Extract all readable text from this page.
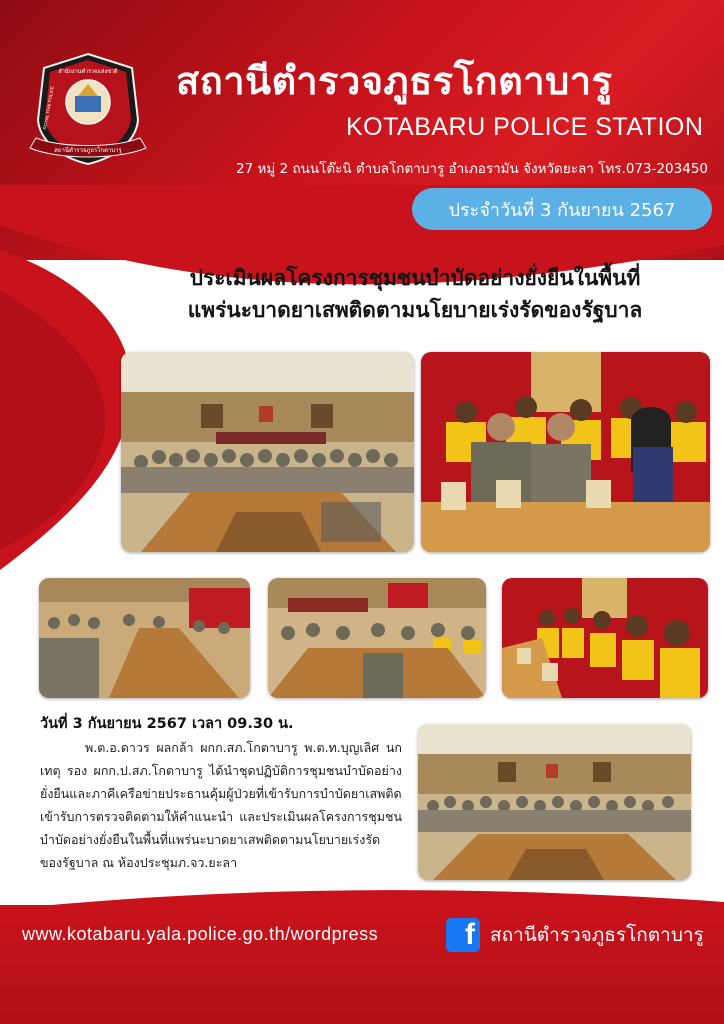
สำนักงานตำรวจแห่งชาติ
ROYAL THAI POLICE
สถานีตำรวจภูธรโกตาบารู
สถานีตำรวจภูธรโกตาบารู
KOTABARU POLICE STATION
27 หมู่ 2 ถนนโต๊ะนิ ตำบลโกตาบารู อำเภอรามัน จังหวัดยะลา โทร.073-203450
ประจำวันที่ 3 กันยายน 2567
ประเมินผลโครงการชุมชนบำบัดอย่างยั่งยืนในพื้นที่
แพร่นะบาดยาเสพติดตามนโยบายเร่งรัดของรัฐบาล
วันที่ 3 กันยายน 2567 เวลา 09.30 น.

พ.ต.อ.ดาวร ผลกล้า ผกก.สภ.โกตาบารู พ.ต.ท.บุญเลิศ นกเทตุ รอง ผกก.ป.สภ.โกตาบารู ได้นำชุดปฏิบัติการชุมชนบำบัดอย่างยั่งยืนและภาคีเครือข่ายประธานคุ้มผู้ป่วยที่เข้ารับการบำบัดยาเสพติดเข้ารับการตรวจติดตามให้คำแนะนำ และประเมินผลโครงการชุมชนบำบัดอย่างยั่งยืนในพื้นที่แพร่นะบาดยาเสพติดตามนโยบายเร่งรัดของรัฐบาล ณ ห้องประชุมภ.จว.ยะลา

www.kotabaru.yala.police.go.th/wordpress	f สถานีตำรวจภูธรโกตาบารู
